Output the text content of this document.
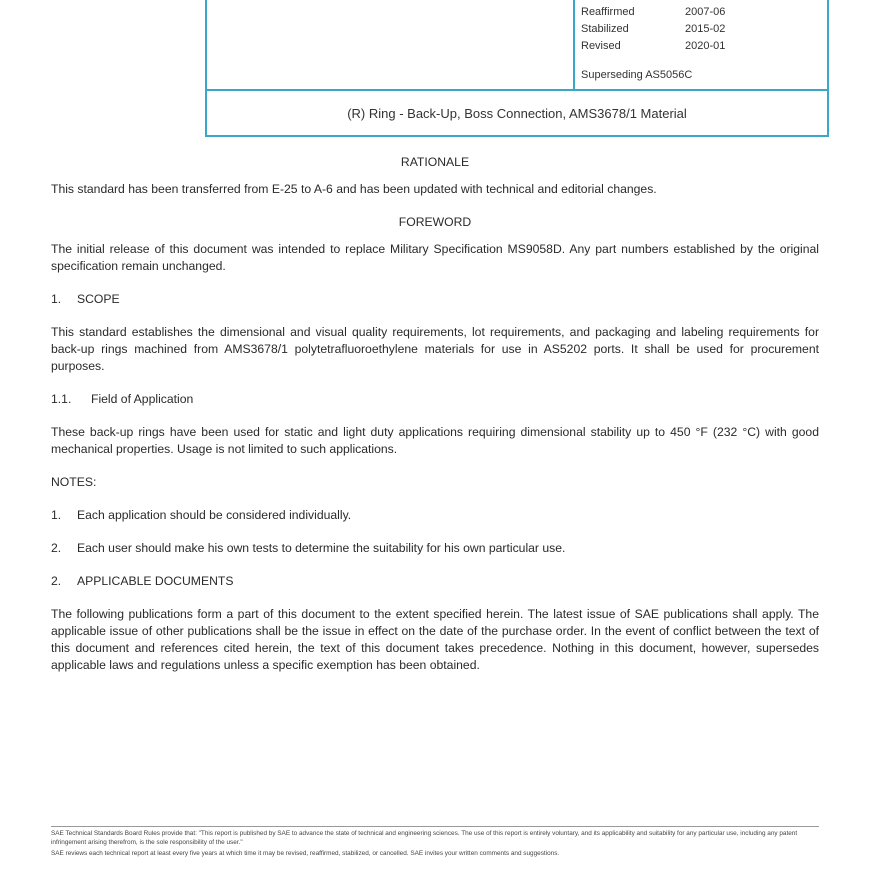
Reaffirmed	2007-06
Stabilized	2015-02
Revised	2020-01
Superseding AS5056C
(R) Ring - Back-Up, Boss Connection, AMS3678/1 Material
RATIONALE

This standard has been transferred from E-25 to A-6 and has been updated with technical and editorial changes.

FOREWORD

The initial release of this document was intended to replace Military Specification MS9058D. Any part numbers established by the original specification remain unchanged.

1. SCOPE

This standard establishes the dimensional and visual quality requirements, lot requirements, and packaging and labeling requirements for back-up rings machined from AMS3678/1 polytetrafluoroethylene materials for use in AS5202 ports. It shall be used for procurement purposes.

1.1. Field of Application

These back-up rings have been used for static and light duty applications requiring dimensional stability up to 450 °F (232 °C) with good mechanical properties. Usage is not limited to such applications.

NOTES:
1. Each application should be considered individually.
2. Each user should make his own tests to determine the suitability for his own particular use.
2. APPLICABLE DOCUMENTS

The following publications form a part of this document to the extent specified herein. The latest issue of SAE publications shall apply. The applicable issue of other publications shall be the issue in effect on the date of the purchase order. In the event of conflict between the text of this document and references cited herein, the text of this document takes precedence. Nothing in this document, however, supersedes applicable laws and regulations unless a specific exemption has been obtained.

SAE Technical Standards Board Rules provide that: "This report is published by SAE to advance the state of technical and engineering sciences. The use of this report is entirely voluntary, and its applicability and suitability for any particular use, including any patent infringement arising therefrom, is the sole responsibility of the user."
SAE reviews each technical report at least every five years at which time it may be revised, reaffirmed, stabilized, or cancelled. SAE invites your written comments and suggestions.
